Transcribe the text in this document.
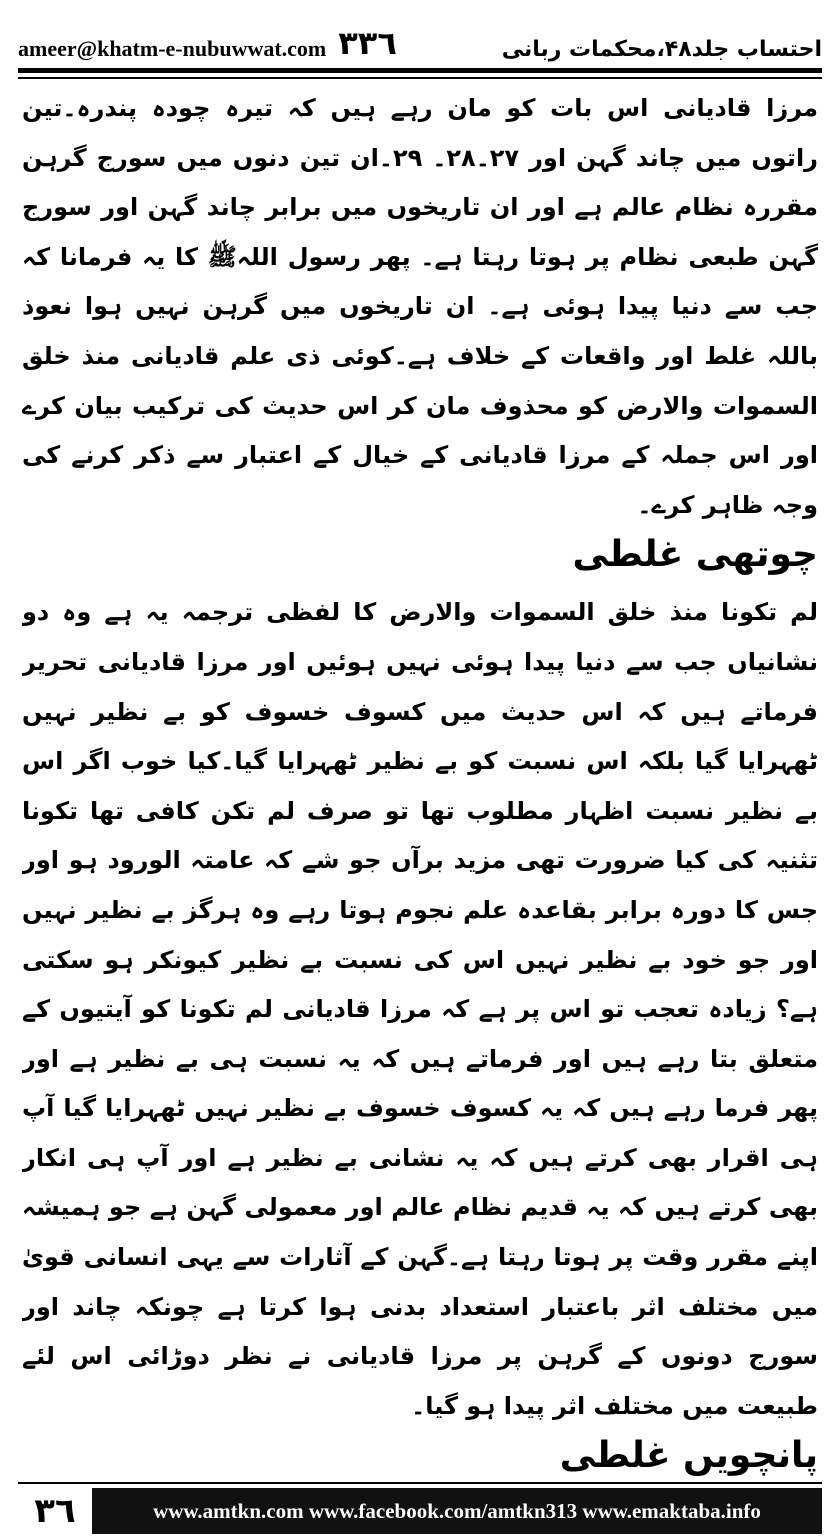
ameer@khatm-e-nubuwwat.com ٣٣٦	احتساب جلد۴۸،محکمات ربانی

مرزا قادیانی اس بات کو مان رہے ہیں کہ تیرہ چودہ پندرہ۔تین راتوں میں چاند گہن اور ۲۷۔۲۸۔ ۲۹۔ان تین دنوں میں سورج گرہن مقررہ نظام عالم ہے اور ان تاریخوں میں برابر چاند گہن اور سورج گہن طبعی نظام پر ہوتا رہتا ہے۔ پھر رسول اللہﷺ کا یہ فرمانا کہ جب سے دنیا پیدا ہوئی ہے۔ ان تاریخوں میں گرہن نہیں ہوا نعوذ باللہ غلط اور واقعات کے خلاف ہے۔کوئی ذی علم قادیانی منذ خلق السموات والارض کو محذوف مان کر اس حدیث کی ترکیب بیان کرے اور اس جملہ کے مرزا قادیانی کے خیال کے اعتبار سے ذکر کرنے کی وجہ ظاہر کرے۔

چوتھی غلطی

لم تکونا منذ خلق السموات والارض کا لفظی ترجمہ یہ ہے وہ دو نشانیاں جب سے دنیا پیدا ہوئی نہیں ہوئیں اور مرزا قادیانی تحریر فرماتے ہیں کہ اس حدیث میں کسوف خسوف کو بے نظیر نہیں ٹھہرایا گیا بلکہ اس نسبت کو بے نظیر ٹھہرایا گیا۔کیا خوب اگر اس بے نظیر نسبت اظہار مطلوب تھا تو صرف لم تکن کافی تھا تکونا تثنیہ کی کیا ضرورت تھی مزید برآں جو شے کہ عامتہ الورود ہو اور جس کا دورہ برابر بقاعدہ علم نجوم ہوتا رہے وہ ہرگز بے نظیر نہیں اور جو خود بے نظیر نہیں اس کی نسبت بے نظیر کیونکر ہو سکتی ہے؟ زیادہ تعجب تو اس پر ہے کہ مرزا قادیانی لم تکونا کو آیتیوں کے متعلق بتا رہے ہیں اور فرماتے ہیں کہ یہ نسبت ہی بے نظیر ہے اور پھر فرما رہے ہیں کہ یہ کسوف خسوف بے نظیر نہیں ٹھہرایا گیا آپ ہی اقرار بھی کرتے ہیں کہ یہ نشانی بے نظیر ہے اور آپ ہی انکار بھی کرتے ہیں کہ یہ قدیم نظام عالم اور معمولی گہن ہے جو ہمیشہ اپنے مقرر وقت پر ہوتا رہتا ہے۔گہن کے آثارات سے یہی انسانی قویٰ میں مختلف اثر باعتبار استعداد بدنی ہوا کرتا ہے چونکہ چاند اور سورج دونوں کے گرہن پر مرزا قادیانی نے نظر دوڑائی اس لئے طبیعت میں مختلف اثر پیدا ہو گیا۔

پانچویں غلطی

٣٦	www.amtkn.com www.facebook.com/amtkn313 www.emaktaba.info
